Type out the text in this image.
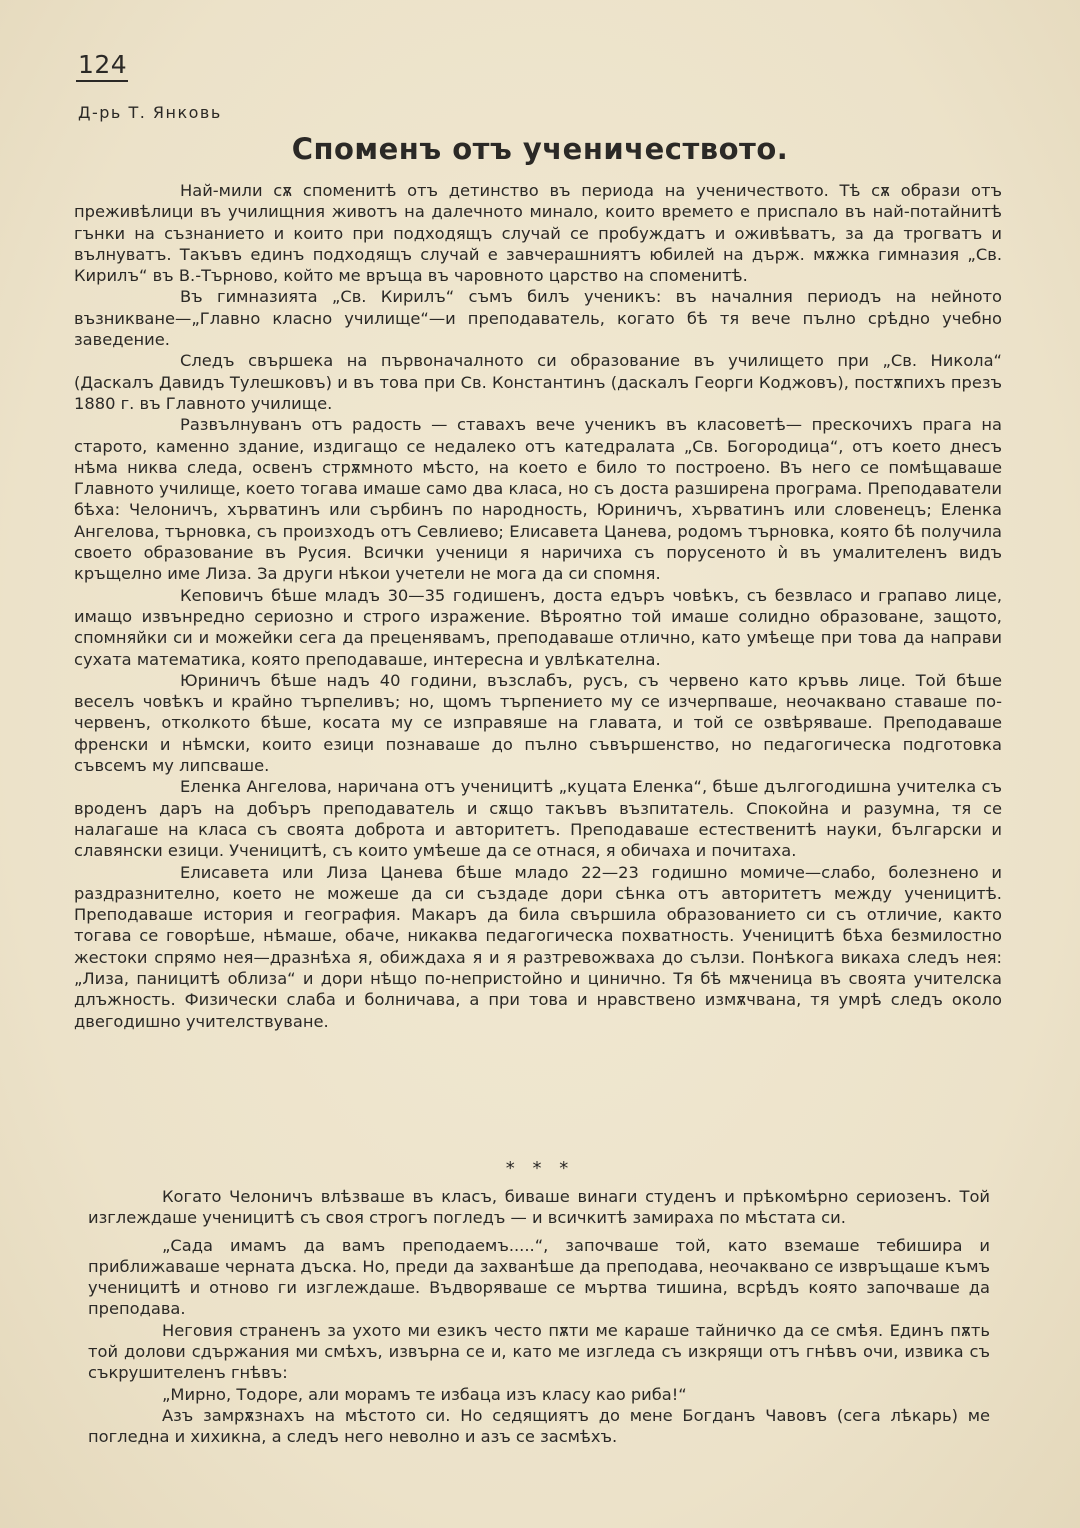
124
Д-рь Т. Янковь
Споменъ отъ ученичеството.

Най-мили сѫ споменитѣ отъ детинство въ периода на ученичеството. Тѣ сѫ образи отъ преживѣлици въ училищния животъ на далечното минало, които времето е приспало въ най-потайнитѣ гънки на съзнанието и които при подходящъ случай се пробуждатъ и оживѣватъ, за да трогватъ и вълнуватъ. Такъвъ единъ подходящъ случай е завчерашниятъ юбилей на държ. мѫжка гимназия „Св. Кирилъ“ въ В.-Търново, който ме връща въ чаровното царство на споменитѣ.

Въ гимназията „Св. Кирилъ“ съмъ билъ ученикъ: въ началния периодъ на нейното възникване—„Главно класно училище“—и преподаватель, когато бѣ тя вече пълно срѣдно учебно заведение.

Следъ свършека на първоначалното си образование въ училището при „Св. Никола“ (Даскалъ Давидъ Тулешковъ) и въ това при Св. Константинъ (даскалъ Георги Коджовъ), постѫпихъ презъ 1880 г. въ Главното училище.

Развълнуванъ отъ радость — ставахъ вече ученикъ въ класоветѣ— прескочихъ прага на старото, каменно здание, издигащо се недалеко отъ катедралата „Св. Богородица“, отъ което днесъ нѣма никва следа, освенъ стрѫмното мѣсто, на което е било то построено. Въ него се помѣщаваше Главното училище, което тогава имаше само два класа, но съ доста разширена програма. Преподаватели бѣха: Челоничъ, хърватинъ или сърбинъ по народность, Юриничъ, хърватинъ или словенецъ; Еленка Ангелова, търновка, съ произходъ отъ Севлиево; Елисавета Цанева, родомъ търновка, която бѣ получила своето образование въ Русия. Всички ученици я наричиха съ порусеното ѝ въ умалителенъ видъ кръщелно име Лиза. За други нѣкои учетели не мога да си спомня.

Кеповичъ бѣше младъ 30—35 годишенъ, доста едъръ човѣкъ, съ безвласо и грапаво лице, имащо извънредно сериозно и строго изражение. Вѣроятно той имаше солидно образоване, защото, спомняйки си и можейки сега да преценявамъ, преподаваше отлично, като умѣеще при това да направи сухата математика, която преподаваше, интересна и увлѣкателна.

Юриничъ бѣше надъ 40 години, възслабъ, русъ, съ червено като кръвь лице. Той бѣше веселъ човѣкъ и крайно търпеливъ; но, щомъ търпението му се изчерпваше, неочаквано ставаше по-червенъ, отколкото бѣше, косата му се изправяше на главата, и той се озвѣряваше. Преподаваше френски и нѣмски, които езици познаваше до пълно съвършенство, но педагогическа подготовка съвсемъ му липсваше.

Еленка Ангелова, наричана отъ ученицитѣ „куцата Еленка“, бѣше дългогодишна учителка съ вроденъ даръ на добъръ преподаватель и сѫщо такъвъ възпитатель. Спокойна и разумна, тя се налагаше на класа съ своята доброта и авторитетъ. Преподаваше естественитѣ науки, български и славянски езици. Ученицитѣ, съ които умѣеше да се отнася, я обичаха и почитаха.

Елисавета или Лиза Цанева бѣше младо 22—23 годишно момиче—слабо, болезнено и раздразнително, което не можеше да си създаде дори сѣнка отъ авторитетъ между ученицитѣ. Преподаваше история и география. Макаръ да била свършила образованието си съ отличие, както тогава се говорѣше, нѣмаше, обаче, никаква педагогическа похватность. Ученицитѣ бѣха безмилостно жестоки спрямо нея—дразнѣха я, обиждаха я и я разтревожваха до сълзи. Понѣкога викаха следъ нея: „Лиза, паницитѣ облиза“ и дори нѣщо по-непристойно и цинично. Тя бѣ мѫченица въ своята учителска длъжность. Физически слаба и болничава, а при това и нравствено измѫчвана, тя умрѣ следъ около двегодишно учителствуване.

* * *

Когато Челоничъ влѣзваше въ класъ, биваше винаги студенъ и прѣкомѣрно сериозенъ. Той изглеждаше ученицитѣ съ своя строгъ погледъ — и всичкитѣ замираха по мѣстата си.

„Сада имамъ да вамъ преподаемъ.....“, започваше той, като вземаше тебишира и приближаваше черната дъска. Но, преди да захванѣше да преподава, неочаквано се извръщаше къмъ ученицитѣ и отново ги изглеждаше. Въдворяваше се мъртва тишина, всрѣдъ която започваше да преподава.

Неговия страненъ за ухото ми езикъ често пѫти ме караше тайничко да се смѣя. Единъ пѫть той долови сдържания ми смѣхъ, извърна се и, като ме изгледа съ изкрящи отъ гнѣвъ очи, извика съ съкрушителенъ гнѣвъ:

„Мирно, Тодоре, али морамъ те избаца изъ класу као риба!“

Азъ замрѫзнахъ на мѣстото си. Но седящиятъ до мене Богданъ Чавовъ (сега лѣкарь) ме погледна и хихикна, а следъ него неволно и азъ се засмѣхъ.
